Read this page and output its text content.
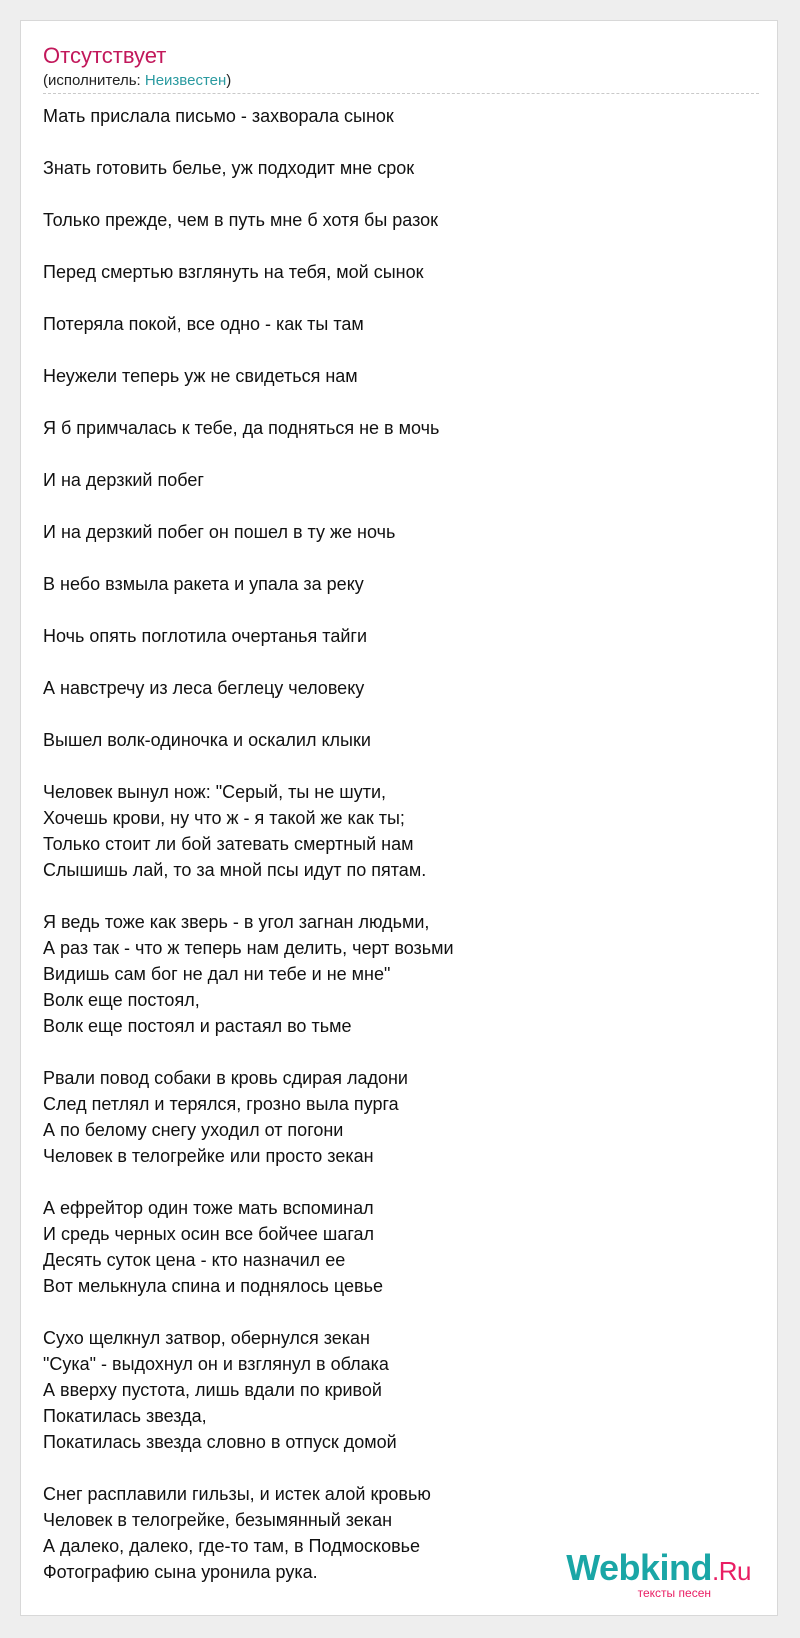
Отсутствует
(исполнитель: Неизвестен)
Мать прислала письмо - захворала сынок
Знать готовить белье, уж подходит мне срок
Только прежде, чем в путь мне б хотя бы разок
Перед смертью взглянуть на тебя, мой сынок
Потеряла покой, все одно - как ты там
Неужели теперь уж не свидеться нам
Я б примчалась к тебе, да подняться не в мочь
И на дерзкий побег
И на дерзкий побег он пошел в ту же ночь
В небо взмыла ракета и упала за реку
Ночь опять поглотила очертанья тайги
А навстречу из леса беглецу человеку
Вышел волк-одиночка и оскалил клыки
Человек вынул нож: "Серый, ты не шути,
Хочешь крови, ну что ж - я такой же как ты;
Только стоит ли бой затевать смертный нам
Слышишь лай, то за мной псы идут по пятам.
Я ведь тоже как зверь - в угол загнан людьми,
А раз так - что ж теперь нам делить, черт возьми
Видишь сам бог не дал ни тебе и не мне"
Волк еще постоял,
Волк еще постоял и растаял во тьме
Рвали повод собаки в кровь сдирая ладони
След петлял и терялся, грозно выла пурга
А по белому снегу уходил от погони
Человек в телогрейке или просто зекан
А ефрейтор один тоже мать вспоминал
И средь черных осин все бойчее шагал
Десять суток цена - кто назначил ее
Вот мелькнула спина и поднялось цевье
Сухо щелкнул затвор, обернулся зекан
"Сука" - выдохнул он и взглянул в облака
А вверху пустота, лишь вдали по кривой
Покатилась звезда,
Покатилась звезда словно в отпуск домой
Снег расплавили гильзы, и истек алой кровью
Человек в телогрейке, безымянный зекан
А далеко, далеко, где-то там, в Подмосковье
Фотографию сына уронила рука.	Webkind.Ru
тексты песен
